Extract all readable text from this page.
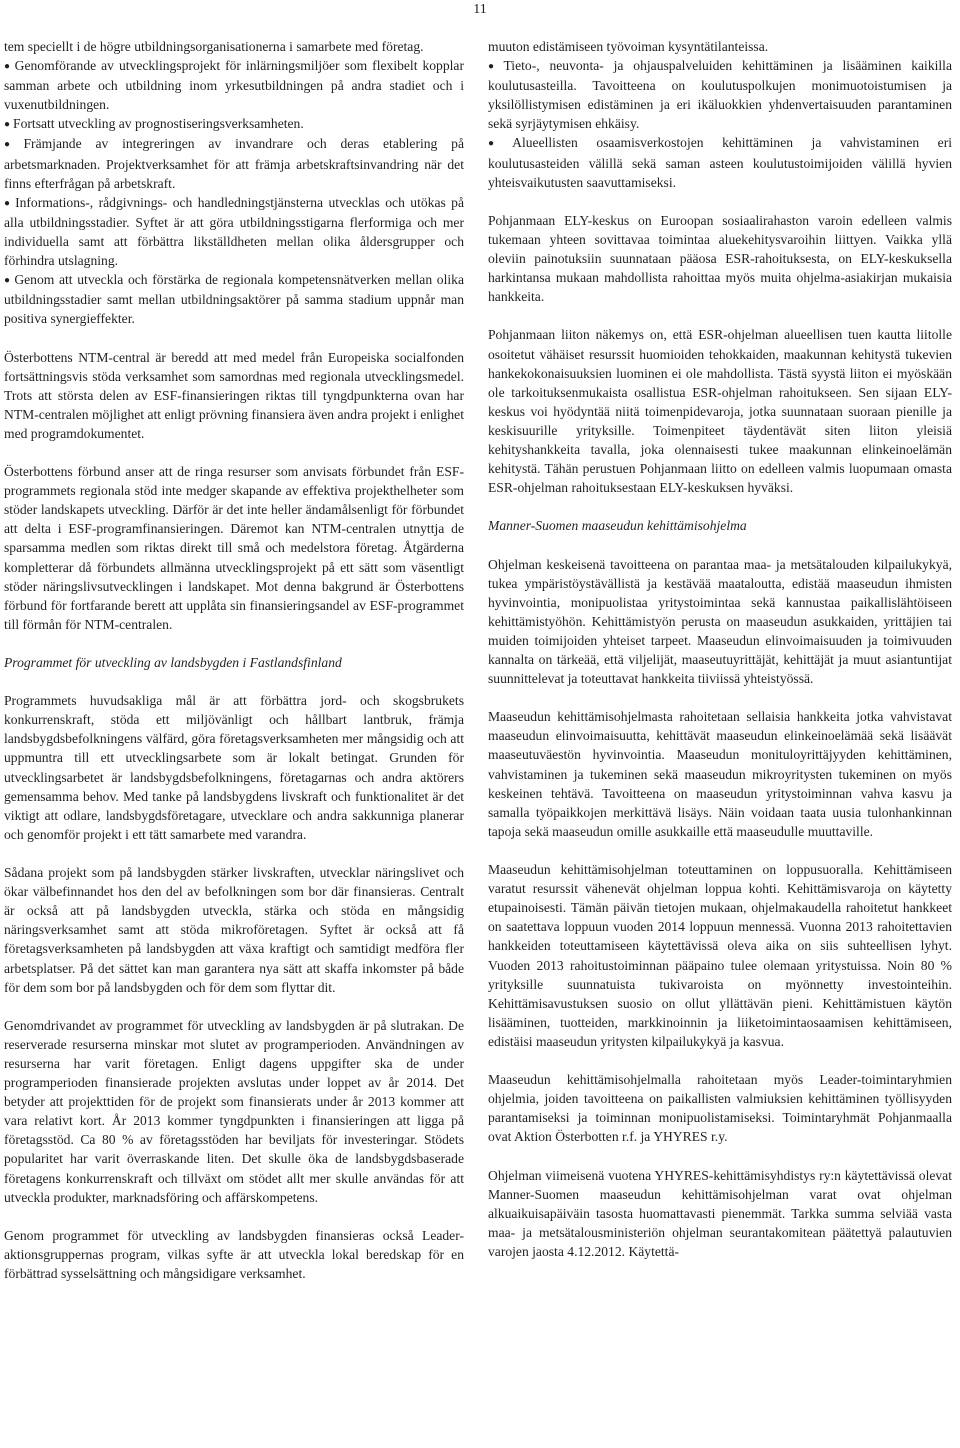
11

tem speciellt i de högre utbildningsorganisationerna i samarbete med företag.

● Genomförande av utvecklingsprojekt för inlärningsmiljöer som flexibelt kopplar samman arbete och utbildning inom yrkesutbildningen på andra stadiet och i vuxenutbildningen.

● Fortsatt utveckling av prognostiseringsverksamheten.

● Främjande av integreringen av invandrare och deras etablering på arbetsmarknaden. Projektverksamhet för att främja arbetskraftsinvandring när det finns efterfrågan på arbetskraft.

● Informations-, rådgivnings- och handledningstjänsterna utvecklas och utökas på alla utbildningsstadier. Syftet är att göra utbildningsstigarna flerformiga och mer individuella samt att förbättra likställdheten mellan olika åldersgrupper och förhindra utslagning.

● Genom att utveckla och förstärka de regionala kompetensnätverken mellan olika utbildningsstadier samt mellan utbildningsaktörer på samma stadium uppnår man positiva synergieffekter.

Österbottens NTM-central är beredd att med medel från Europeiska socialfonden fortsättningsvis stöda verksamhet som samordnas med regionala utvecklingsmedel. Trots att största delen av ESF-finansieringen riktas till tyngdpunkterna ovan har NTM-centralen möjlighet att enligt prövning finansiera även andra projekt i enlighet med programdokumentet.

Österbottens förbund anser att de ringa resurser som anvisats förbundet från ESF-programmets regionala stöd inte medger skapande av effektiva projekthelheter som stöder landskapets utveckling. Därför är det inte heller ändamålsenligt för förbundet att delta i ESF-programfinansieringen. Däremot kan NTM-centralen utnyttja de sparsamma medlen som riktas direkt till små och medelstora företag. Åtgärderna kompletterar då förbundets allmänna utvecklingsprojekt på ett sätt som väsentligt stöder näringslivsutvecklingen i landskapet. Mot denna bakgrund är Österbottens förbund för fortfarande berett att upplåta sin finansieringsandel av ESF-programmet till förmån för NTM-centralen.

Programmet för utveckling av landsbygden i Fastlandsfinland

Programmets huvudsakliga mål är att förbättra jord- och skogsbrukets konkurrenskraft, stöda ett miljövänligt och hållbart lantbruk, främja landsbygdsbefolkningens välfärd, göra företagsverksamheten mer mångsidig och att uppmuntra till ett utvecklingsarbete som är lokalt betingat. Grunden för utvecklingsarbetet är landsbygdsbefolkningens, företagarnas och andra aktörers gemensamma behov. Med tanke på landsbygdens livskraft och funktionalitet är det viktigt att odlare, landsbygdsföretagare, utvecklare och andra sakkunniga planerar och genomför projekt i ett tätt samarbete med varandra.

Sådana projekt som på landsbygden stärker livskraften, utvecklar näringslivet och ökar välbefinnandet hos den del av befolkningen som bor där finansieras. Centralt är också att på landsbygden utveckla, stärka och stöda en mångsidig näringsverksamhet samt att stöda mikroföretagen. Syftet är också att få företagsverksamheten på landsbygden att växa kraftigt och samtidigt medföra fler arbetsplatser. På det sättet kan man garantera nya sätt att skaffa inkomster på både för dem som bor på landsbygden och för dem som flyttar dit.

Genomdrivandet av programmet för utveckling av landsbygden är på slutrakan. De reserverade resurserna minskar mot slutet av programperioden. Användningen av resurserna har varit företagen. Enligt dagens uppgifter ska de under programperioden finansierade projekten avslutas under loppet av år 2014. Det betyder att projekttiden för de projekt som finansierats under år 2013 kommer att vara relativt kort. År 2013 kommer tyngdpunkten i finansieringen att ligga på företagsstöd. Ca 80 % av företagsstöden har beviljats för investeringar. Stödets popularitet har varit överraskande liten. Det skulle öka de landsbygdsbaserade företagens konkurrenskraft och tillväxt om stödet allt mer skulle användas för att utveckla produkter, marknadsföring och affärskompetens.

Genom programmet för utveckling av landsbygden finansieras också Leader-aktionsgruppernas program, vilkas syfte är att utveckla lokal beredskap för en förbättrad sysselsättning och mångsidigare verksamhet.

muuton edistämiseen työvoiman kysyntätilanteissa.

● Tieto-, neuvonta- ja ohjauspalveluiden kehittäminen ja lisääminen kaikilla koulutusasteilla. Tavoitteena on koulutuspolkujen monimuotoistumisen ja yksilöllistymisen edistäminen ja eri ikäluokkien yhdenvertaisuuden parantaminen sekä syrjäytymisen ehkäisy.

● Alueellisten osaamisverkostojen kehittäminen ja vahvistaminen eri koulutusasteiden välillä sekä saman asteen koulutustoimijoiden välillä hyvien yhteisvaikutusten saavuttamiseksi.

Pohjanmaan ELY-keskus on Euroopan sosiaalirahaston varoin edelleen valmis tukemaan yhteen sovittavaa toimintaa aluekehitysvaroihin liittyen. Vaikka yllä oleviin painotuksiin suunnataan pääosa ESR-rahoituksesta, on ELY-keskuksella harkintansa mukaan mahdollista rahoittaa myös muita ohjelma-asiakirjan mukaisia hankkeita.

Pohjanmaan liiton näkemys on, että ESR-ohjelman alueellisen tuen kautta liitolle osoitetut vähäiset resurssit huomioiden tehokkaiden, maakunnan kehitystä tukevien hankekokonaisuuksien luominen ei ole mahdollista. Tästä syystä liiton ei myöskään ole tarkoituksenmukaista osallistua ESR-ohjelman rahoitukseen. Sen sijaan ELY-keskus voi hyödyntää niitä toimenpidevaroja, jotka suunnataan suoraan pienille ja keskisuurille yrityksille. Toimenpiteet täydentävät siten liiton yleisiä kehityshankkeita tavalla, joka olennaisesti tukee maakunnan elinkeinoelämän kehitystä. Tähän perustuen Pohjanmaan liitto on edelleen valmis luopumaan omasta ESR-ohjelman rahoituksestaan ELY-keskuksen hyväksi.

Manner-Suomen maaseudun kehittämisohjelma

Ohjelman keskeisenä tavoitteena on parantaa maa- ja metsätalouden kilpailukykyä, tukea ympäristöystävällistä ja kestävää maataloutta, edistää maaseudun ihmisten hyvinvointia, monipuolistaa yritystoimintaa sekä kannustaa paikallislähtöiseen kehittämistyöhön. Kehittämistyön perusta on maaseudun asukkaiden, yrittäjien tai muiden toimijoiden yhteiset tarpeet. Maaseudun elinvoimaisuuden ja toimivuuden kannalta on tärkeää, että viljelijät, maaseutuyrittäjät, kehittäjät ja muut asiantuntijat suunnittelevat ja toteuttavat hankkeita tiiviissä yhteistyössä.

Maaseudun kehittämisohjelmasta rahoitetaan sellaisia hankkeita jotka vahvistavat maaseudun elinvoimaisuutta, kehittävät maaseudun elinkeinoelämää sekä lisäävät maaseutuväestön hyvinvointia. Maaseudun monituloyrittäjyyden kehittäminen, vahvistaminen ja tukeminen sekä maaseudun mikroyritysten tukeminen on myös keskeinen tehtävä. Tavoitteena on maaseudun yritystoiminnan vahva kasvu ja samalla työpaikkojen merkittävä lisäys. Näin voidaan taata uusia tulonhankinnan tapoja sekä maaseudun omille asukkaille että maaseudulle muuttaville.

Maaseudun kehittämisohjelman toteuttaminen on loppusuoralla. Kehittämiseen varatut resurssit vähenevät ohjelman loppua kohti. Kehittämisvaroja on käytetty etupainoisesti. Tämän päivän tietojen mukaan, ohjelmakaudella rahoitetut hankkeet on saatettava loppuun vuoden 2014 loppuun mennessä. Vuonna 2013 rahoitettavien hankkeiden toteuttamiseen käytettävissä oleva aika on siis suhteellisen lyhyt. Vuoden 2013 rahoitustoiminnan pääpaino tulee olemaan yritystuissa. Noin 80 % yrityksille suunnatuista tukivaroista on myönnetty investointeihin. Kehittämisavustuksen suosio on ollut yllättävän pieni. Kehittämistuen käytön lisääminen, tuotteiden, markkinoinnin ja liiketoimintaosaamisen kehittämiseen, edistäisi maaseudun yritysten kilpailukykyä ja kasvua.

Maaseudun kehittämisohjelmalla rahoitetaan myös Leader-toimintaryhmien ohjelmia, joiden tavoitteena on paikallisten valmiuksien kehittäminen työllisyyden parantamiseksi ja toiminnan monipuolistamiseksi. Toimintaryhmät Pohjanmaalla ovat Aktion Österbotten r.f. ja YHYRES r.y.

Ohjelman viimeisenä vuotena YHYRES-kehittämisyhdistys ry:n käytettävissä olevat Manner-Suomen maaseudun kehittämisohjelman varat ovat ohjelman alkuaikuisapäiväin tasosta huomattavasti pienemmät. Tarkka summa selviää vasta maa- ja metsätalousministeriön ohjelman seurantakomitean päätettyä palautuvien varojen jaosta 4.12.2012. Käytettä-
